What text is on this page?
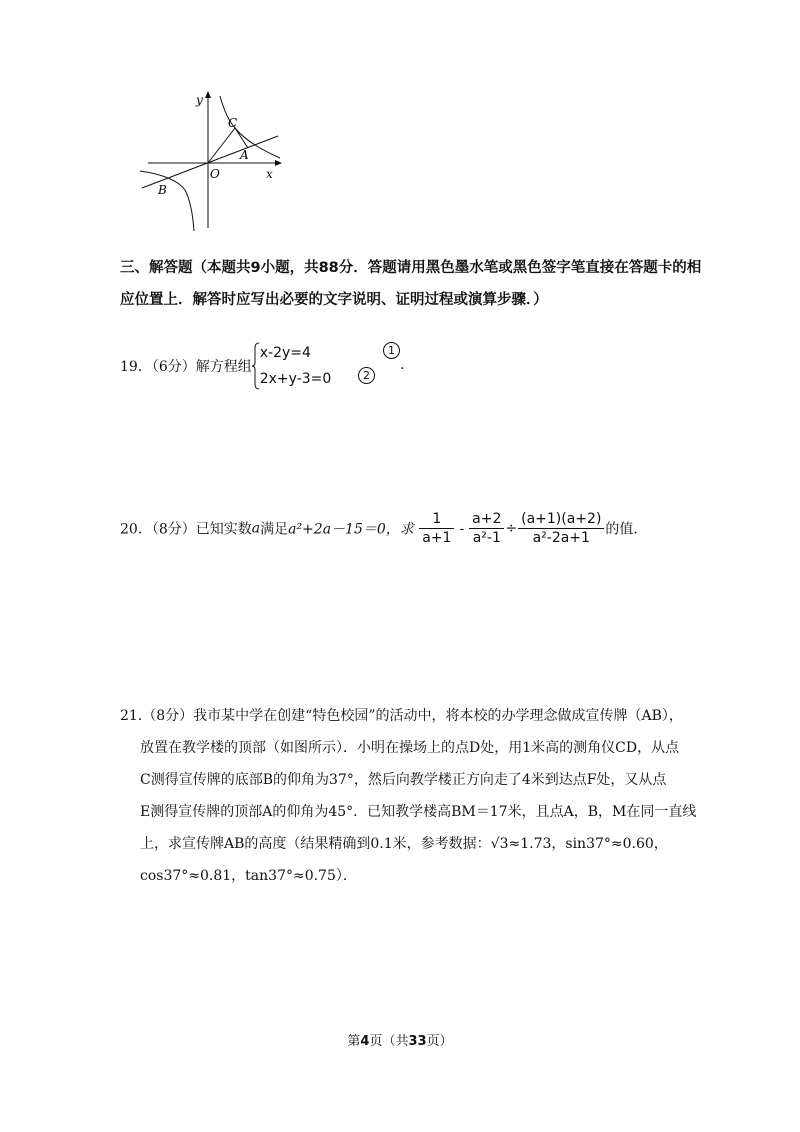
y
x
O
C
A
B
三、解答题（本题共9小题，共88分．答题请用黑色墨水笔或黑色签字笔直接在答题卡的相
应位置上．解答时应写出必要的文字说明、证明过程或演算步骤．）
19．（6分）解方程组x-2y=4
2x+y-3=0
1
2
．
20．（8分）已知实数a满足a²+2a－15＝0，求 $\frac{1}{a+1} - \frac{a+2}{\text{a²-1}} \div \frac{(a+1)(a+2)}{\text{a²-2a+1}}$ 的值．
21.（8分）我市某中学在创建“特色校园”的活动中，将本校的办学理念做成宣传牌（AB），
放置在教学楼的顶部（如图所示）．小明在操场上的点D处，用1米高的测角仪CD，从点
C测得宣传牌的底部B的仰角为37°，然后向教学楼正方向走了4米到达点F处，又从点
E测得宣传牌的顶部A的仰角为45°．已知教学楼高BM＝17米，且点A，B，M在同一直线
上，求宣传牌AB的高度（结果精确到0.1米，参考数据：√3≈1.73，sin37°≈0.60，
cos37°≈0.81，tan37°≈0.75）．
第4页（共33页）
